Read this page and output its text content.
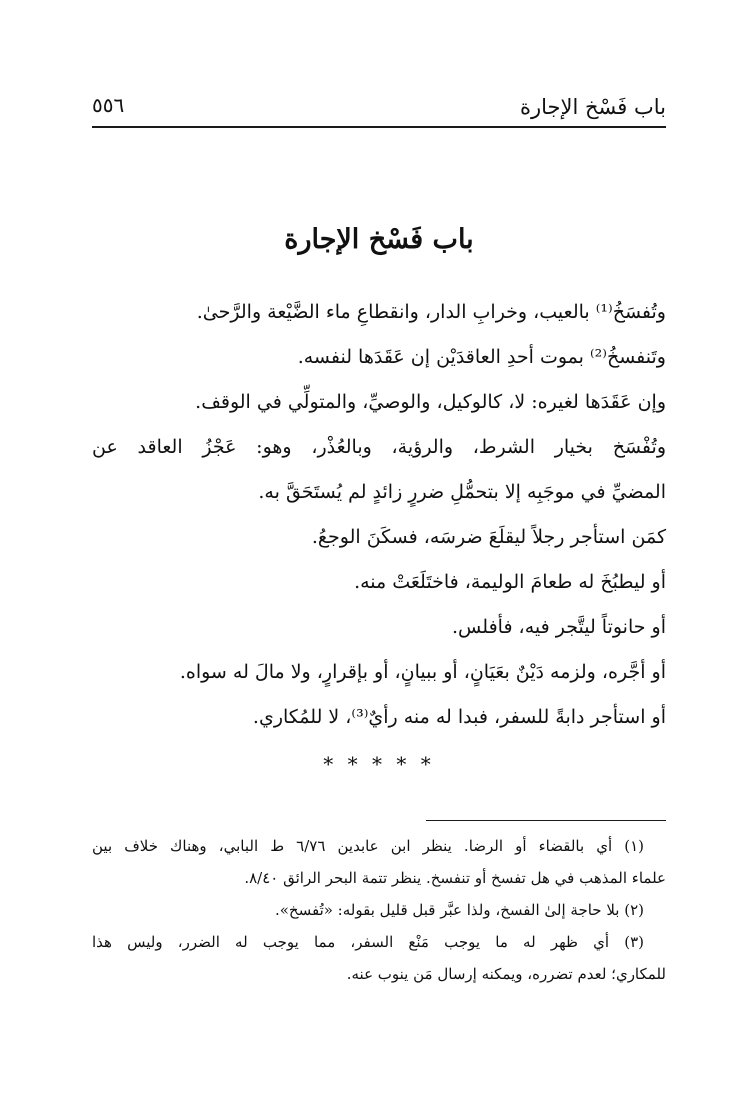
باب فَسْخ الإجارة
٥٥٦
باب فَسْخ الإجارة

وتُفسَخُ⁽¹⁾ بالعيب، وخرابِ الدار، وانقطاعِ ماء الضَّيْعة والرَّحىٰ.

وتَنفسخُ⁽²⁾ بموت أحدِ العاقدَيْن إن عَقَدَها لنفسه.

وإن عَقَدَها لغيره: لا، كالوكيل، والوصيِّ، والمتولِّي في الوقف.

وتُفْسَخ بخيار الشرط، والرؤية، وبالعُذْر، وهو: عَجْزُ العاقد عن

المضيِّ في موجَبِه إلا بتحمُّلِ ضررٍ زائدٍ لم يُستَحَقَّ به.

كمَن استأجر رجلاً ليقلَعَ ضرسَه، فسكَنَ الوجعُ.

أو ليطبُخَ له طعامَ الوليمة، فاختَلَعَتْ منه.

أو حانوتاً ليتَّجر فيه، فأفلس.

أو أجَّره، ولزمه دَيْنٌ بعَيَانٍ، أو ببيانٍ، أو بإقرارٍ، ولا مالَ له سواه.

أو استأجر دابةً للسفر، فبدا له منه رأيٌ⁽³⁾، لا للمُكاري.

* * * * *

(١) أي بالقضاء أو الرضا. ينظر ابن عابدين ٦/٧٦ ط البابي، وهناك خلاف بين

علماء المذهب في هل تفسخ أو تنفسخ. ينظر تتمة البحر الرائق ٨/٤٠.

(٢) بلا حاجة إلىٰ الفسخ، ولذا عبَّر قبل قليل بقوله: «تُفسخ».

(٣) أي ظهر له ما يوجب مَنْع السفر، مما يوجب له الضرر، وليس هذا

للمكاري؛ لعدم تضرره، ويمكنه إرسال مَن ينوب عنه.
